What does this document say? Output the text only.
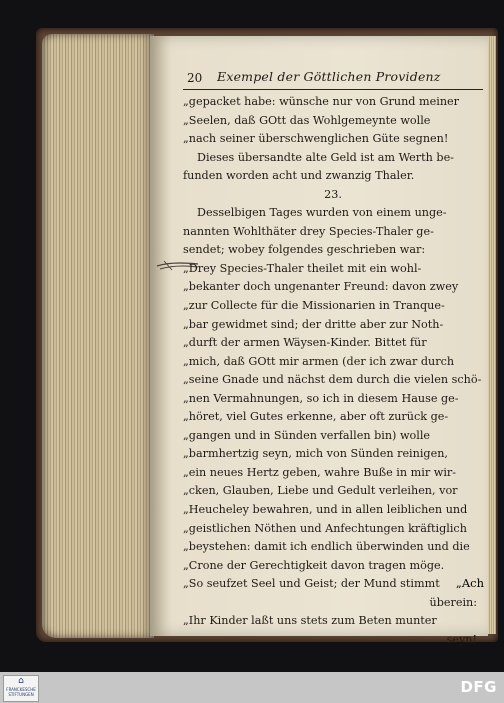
20 Exempel der Göttlichen Providenz
„gepacket habe: wünsche nur von Grund meiner
„Seelen, daß GOtt das Wohlgemeynte wolle
„nach seiner überschwenglichen Güte segnen!
Dieses übersandte alte Geld ist am Werth be-
funden worden acht und zwanzig Thaler.
23.
Desselbigen Tages wurden von einem unge-
nannten Wohlthäter drey Species-Thaler ge-
sendet; wobey folgendes geschrieben war:
„Drey Species-Thaler theilet mit ein wohl-
„bekanter doch ungenanter Freund: davon zwey
„zur Collecte für die Missionarien in Tranque-
„bar gewidmet sind; der dritte aber zur Noth-
„durft der armen Wäysen-Kinder. Bittet für
„mich, daß GOtt mir armen (der ich zwar durch
„seine Gnade und nächst dem durch die vielen schö-
„nen Vermahnungen, so ich in diesem Hause ge-
„höret, viel Gutes erkenne, aber oft zurück ge-
„gangen und in Sünden verfallen bin) wolle
„barmhertzig seyn, mich von Sünden reinigen,
„ein neues Hertz geben, wahre Buße in mir wir-
„cken, Glauben, Liebe und Gedult verleihen, vor
„Heucheley bewahren, und in allen leiblichen und
„geistlichen Nöthen und Anfechtungen kräftiglich
„beystehen: damit ich endlich überwinden und die
„Crone der Gerechtigkeit davon tragen möge.
„So seufzet Seel und Geist; der Mund stimmt
überein:
„Ihr Kinder laßt uns stets zum Beten munter
seyn!
„Ach
⌂
FRANCKESCHE STIFTUNGEN	DFG
